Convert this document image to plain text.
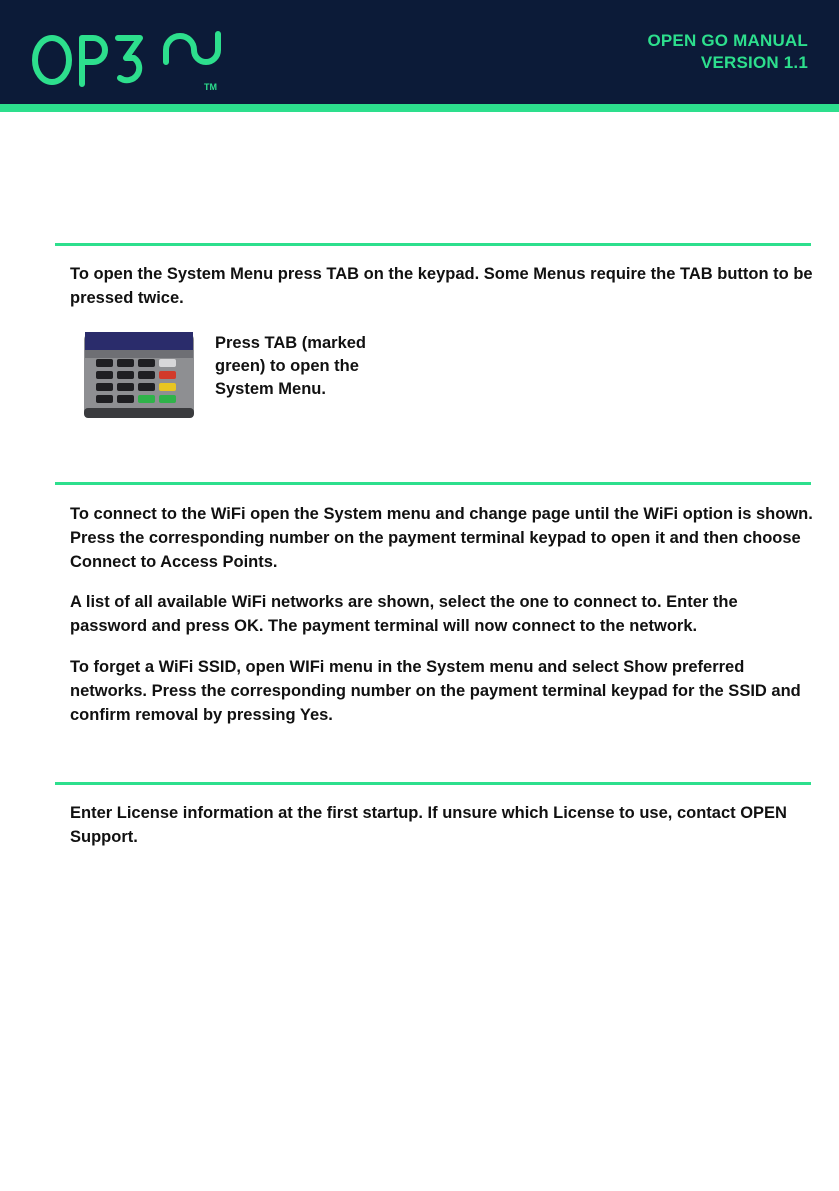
TM
OPEN GO MANUAL
VERSION 1.1

To open the System Menu press TAB on the keypad. Some Menus require the TAB button to be pressed twice.

Press TAB (marked green) to open the System Menu.

To connect to the WiFi open the System menu and change page until the WiFi option is shown. Press the corresponding number on the payment terminal keypad to open it and then choose Connect to Access Points.

A list of all available WiFi networks are shown, select the one to connect to. Enter the password and press OK. The payment terminal will now connect to the network.

To forget a WiFi SSID, open WIFi menu in the System menu and select Show preferred networks. Press the corresponding number on the payment terminal keypad for the SSID and confirm removal by pressing Yes.

Enter License information at the first startup. If unsure which License to use, contact OPEN Support.
